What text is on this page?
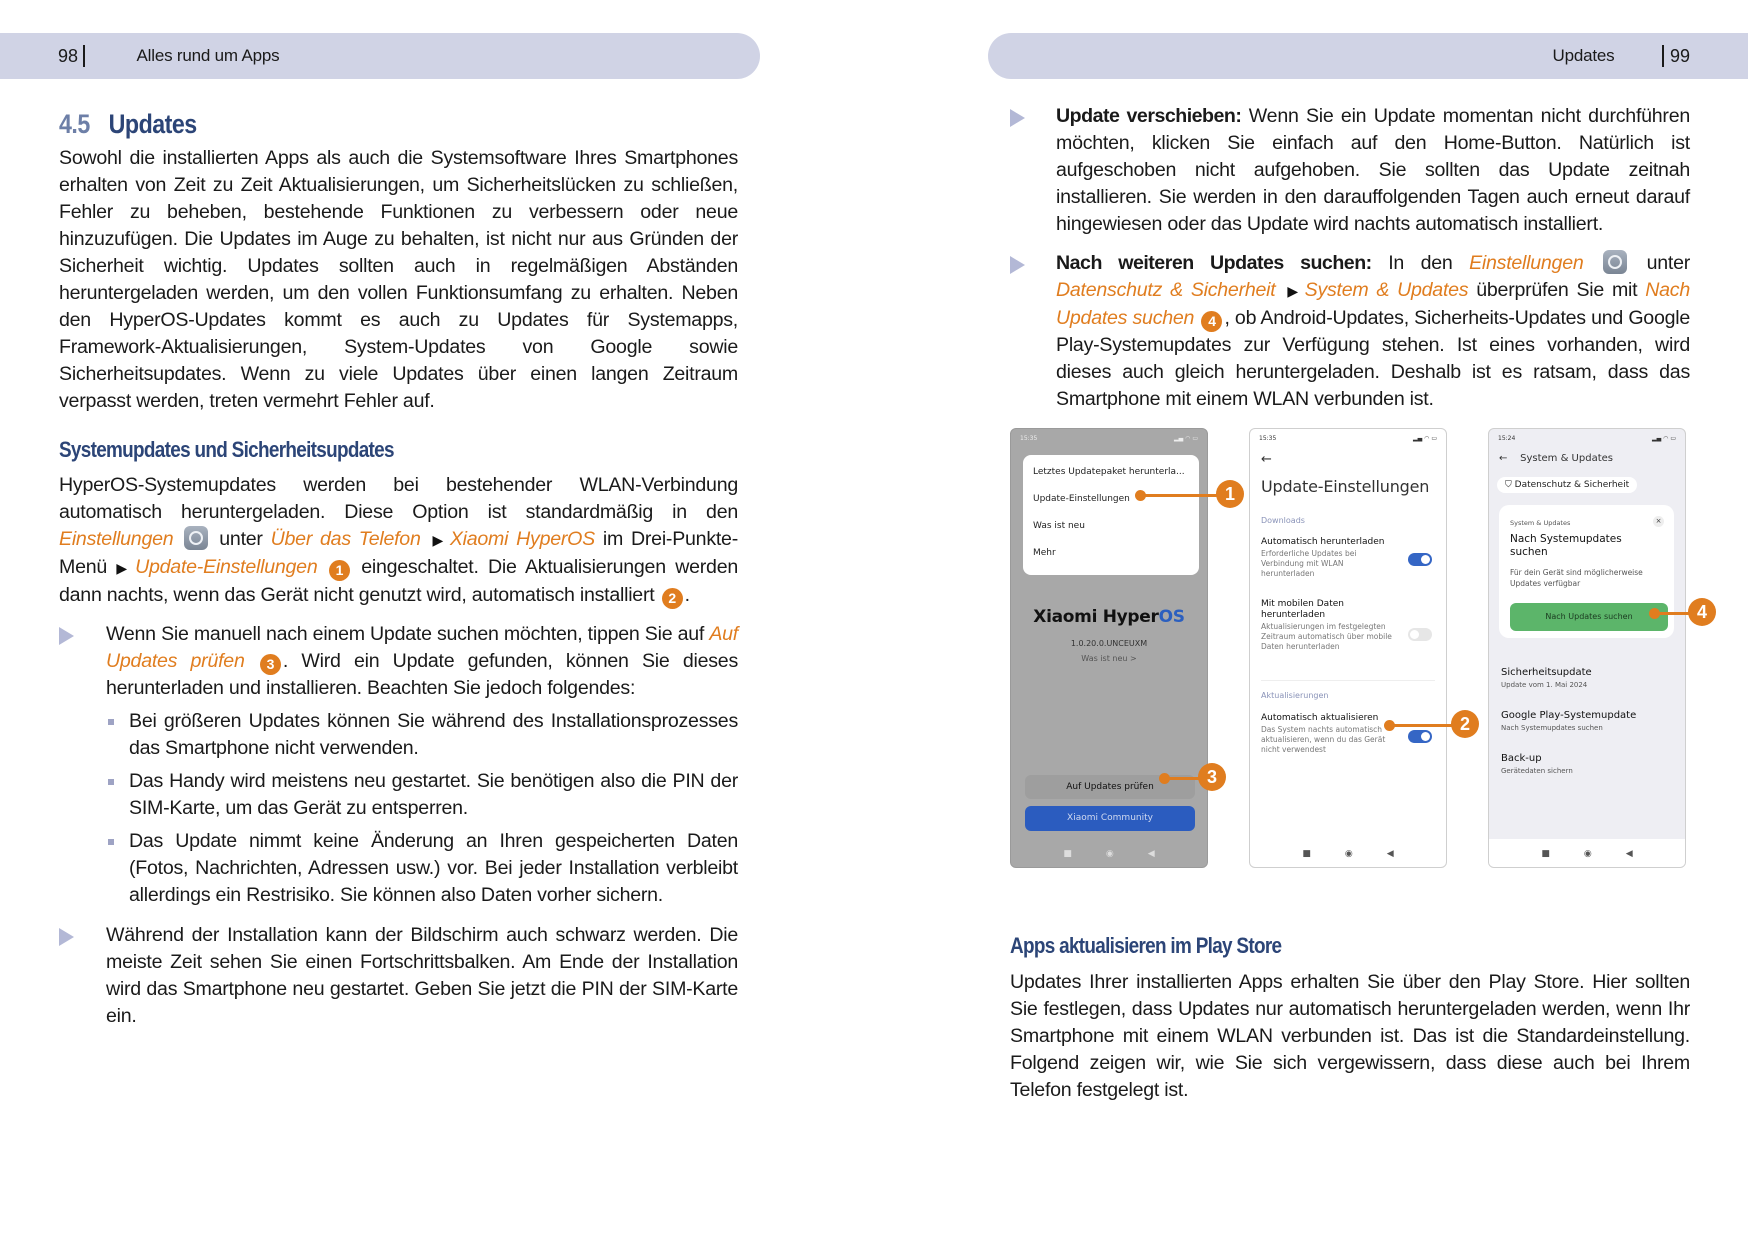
98	Alles rund um Apps	Updates	99
4.5 Updates

Sowohl die installierten Apps als auch die Systemsoftware Ihres Smartphones erhalten von Zeit zu Zeit Aktualisierungen, um Sicherheitslücken zu schließen, Fehler zu beheben, bestehende Funktionen zu verbessern oder neue hinzuzufügen. Die Updates im Auge zu behalten, ist nicht nur aus Gründen der Sicherheit wichtig. Updates sollten auch in regelmäßigen Abständen heruntergeladen werden, um den vollen Funktionsumfang zu erhalten. Neben den HyperOS-Updates kommt es auch zu Updates für Systemapps, Framework-Aktualisierungen, System-Updates von Google sowie Sicherheitsupdates. Wenn zu viele Updates über einen langen Zeitraum verpasst werden, treten vermehrt Fehler auf.

Systemupdates und Sicherheitsupdates

HyperOS-Systemupdates werden bei bestehender WLAN-Verbindung automatisch heruntergeladen. Diese Option ist standardmäßig in den Einstellungen  unter Über das Telefon ▶ Xiaomi HyperOS im Drei-Punkte-Menü ▶ Update-Einstellungen 1 eingeschaltet. Die Aktualisierungen werden dann nachts, wenn das Gerät nicht genutzt wird, automatisch installiert 2 .

Wenn Sie manuell nach einem Update suchen möchten, tippen Sie auf Auf Updates prüfen 3 . Wird ein Update gefunden, können Sie dieses herunterladen und installieren. Beachten Sie jedoch folgendes:

Bei größeren Updates können Sie während des Installationsprozesses das Smartphone nicht verwenden.

Das Handy wird meistens neu gestartet. Sie benötigen also die PIN der SIM-Karte, um das Gerät zu entsperren.

Das Update nimmt keine Änderung an Ihren gespeicherten Daten (Fotos, Nachrichten, Adressen usw.) vor. Bei jeder Installation verbleibt allerdings ein Restrisiko. Sie können also Daten vorher sichern.

Während der Installation kann der Bildschirm auch schwarz werden. Die meiste Zeit sehen Sie einen Fortschrittsbalken. Am Ende der Installation wird das Smartphone neu gestartet. Geben Sie jetzt die PIN der SIM-Karte ein.

Update verschieben: Wenn Sie ein Update momentan nicht durchführen möchten, klicken Sie einfach auf den Home-Button. Natürlich ist aufgeschoben nicht aufgehoben. Sie sollten das Update zeitnah installieren. Sie werden in den darauffolgenden Tagen auch erneut darauf hingewiesen oder das Update wird nachts automatisch installiert.

Nach weiteren Updates suchen: In den Einstellungen  unter Datenschutz & Sicherheit ▶ System & Updates überprüfen Sie mit Nach Updates suchen 4 , ob Android-Updates, Sicherheits-Updates und Google Play-Systemupdates zur Verfügung stehen. Ist eines vorhanden, wird dieses auch gleich heruntergeladen. Deshalb ist es ratsam, dass das Smartphone mit einem WLAN verbunden ist.

15:35	▂▄ ◠ ▭
Letztes Updatepaket herunterla...
Update-Einstellungen
Was ist neu
Mehr
Xiaomi HyperOS
1.0.20.0.UNCEUXM
Was ist neu >
Auf Updates prüfen
Xiaomi Community
■	◉	◀
15:35	▂▄ ◠ ▭
←
Update-Einstellungen
Downloads
Automatisch herunterladen
Erforderliche Updates bei Verbindung mit WLAN herunterladen
Mit mobilen Daten herunterladen
Aktualisierungen im festgelegten Zeitraum automatisch über mobile Daten herunterladen
Aktualisierungen
Automatisch aktualisieren
Das System nachts automatisch aktualisieren, wenn du das Gerät nicht verwendest
■	◉	◀
15:24	▂▄ ◠ ▭
← System & Updates
⛉ Datenschutz & Sicherheit
System & Updates	×
Nach Systemupdates suchen
Für dein Gerät sind möglicherweise Updates verfügbar
Nach Updates suchen
Sicherheitsupdate
Update vom 1. Mai 2024
Google Play-Systemupdate
Nach Systemupdates suchen
Back-up
Gerätedaten sichern
■	◉	◀
1
2
3
4
Apps aktualisieren im Play Store

Updates Ihrer installierten Apps erhalten Sie über den Play Store. Hier sollten Sie festlegen, dass Updates nur automatisch heruntergeladen werden, wenn Ihr Smartphone mit einem WLAN verbunden ist. Das ist die Standardeinstellung. Folgend zeigen wir, wie Sie sich vergewissern, dass diese auch bei Ihrem Telefon festgelegt ist.
